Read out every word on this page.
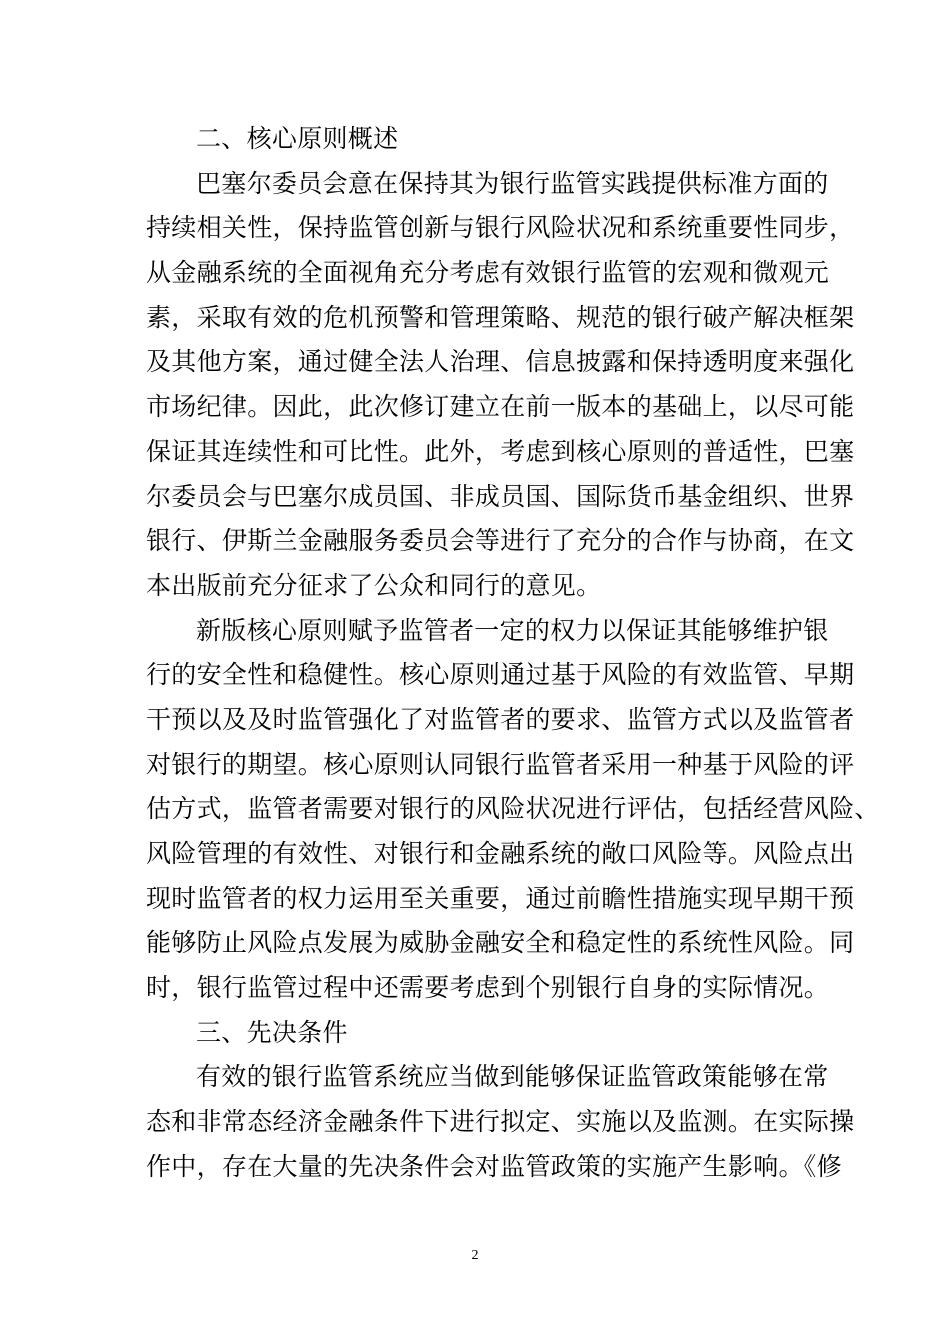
二、核心原则概述
巴塞尔委员会意在保持其为银行监管实践提供标准方面的
持续相关性，保持监管创新与银行风险状况和系统重要性同步，
从金融系统的全面视角充分考虑有效银行监管的宏观和微观元
素，采取有效的危机预警和管理策略、规范的银行破产解决框架
及其他方案，通过健全法人治理、信息披露和保持透明度来强化
市场纪律。因此，此次修订建立在前一版本的基础上，以尽可能
保证其连续性和可比性。此外，考虑到核心原则的普适性，巴塞
尔委员会与巴塞尔成员国、非成员国、国际货币基金组织、世界
银行、伊斯兰金融服务委员会等进行了充分的合作与协商，在文
本出版前充分征求了公众和同行的意见。
新版核心原则赋予监管者一定的权力以保证其能够维护银
行的安全性和稳健性。核心原则通过基于风险的有效监管、早期
干预以及及时监管强化了对监管者的要求、监管方式以及监管者
对银行的期望。核心原则认同银行监管者采用一种基于风险的评
估方式，监管者需要对银行的风险状况进行评估，包括经营风险、
风险管理的有效性、对银行和金融系统的敞口风险等。风险点出
现时监管者的权力运用至关重要，通过前瞻性措施实现早期干预
能够防止风险点发展为威胁金融安全和稳定性的系统性风险。同
时，银行监管过程中还需要考虑到个别银行自身的实际情况。
三、先决条件
有效的银行监管系统应当做到能够保证监管政策能够在常
态和非常态经济金融条件下进行拟定、实施以及监测。在实际操
作中，存在大量的先决条件会对监管政策的实施产生影响。《修
2
